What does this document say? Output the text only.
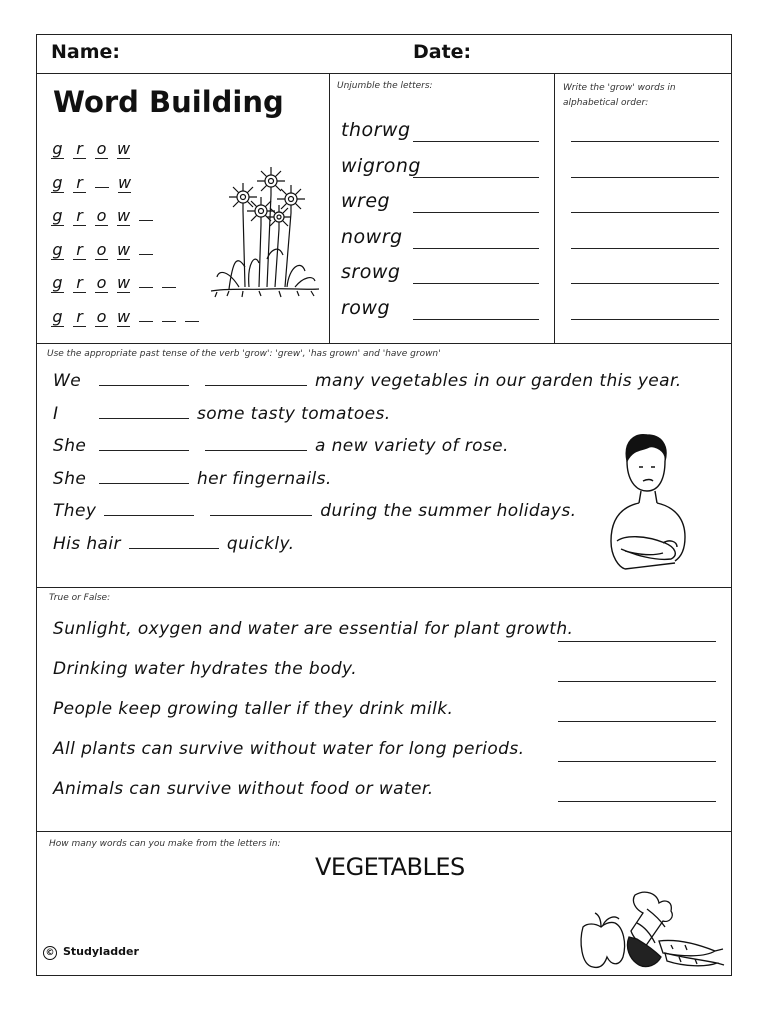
Name:	Date:
Word Building
g r o w
g r w
g r o w
g r o w
g r o w
g r o w
Unjumble the letters:
thorwg
wigrong
wreg
nowrg
srowg
rowg
Write the 'grow' words in alphabetical order:
Use the appropriate past tense of the verb 'grow': 'grew', 'has grown' and 'have grown'
We	many vegetables in our garden this year.
I	some tasty tomatoes.
She	a new variety of rose.
She	her fingernails.
They	during the summer holidays.
His hair	quickly.
True or False:
Sunlight, oxygen and water are essential for plant growth.
Drinking water hydrates the body.
People keep growing taller if they drink milk.
All plants can survive without water for long periods.
Animals can survive without food or water.
How many words can you make from the letters in:
VEGETABLES
© Studyladder
